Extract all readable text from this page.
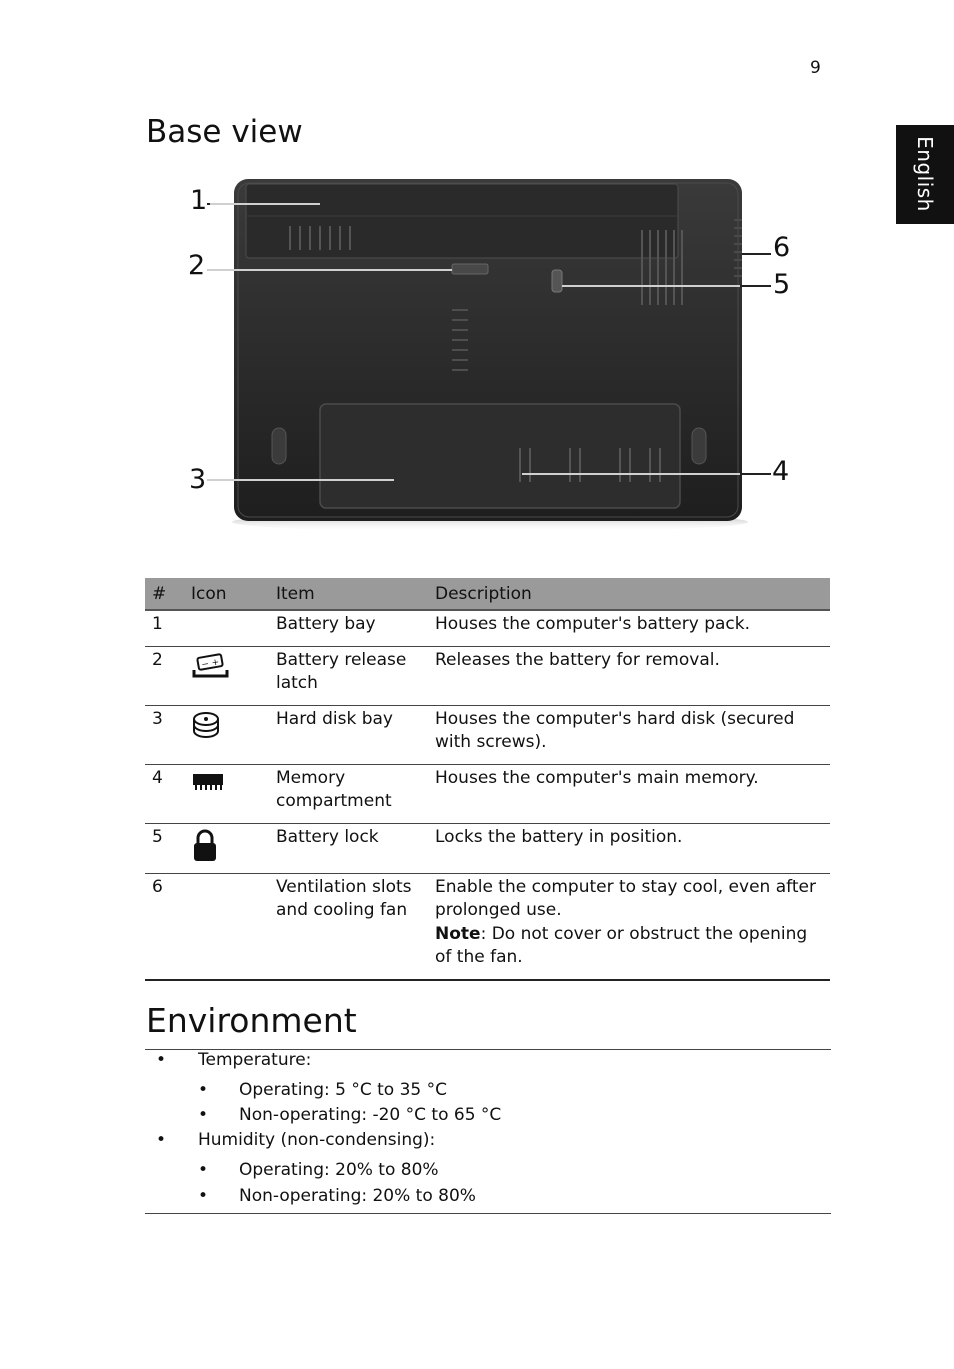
9
English
Base view
1
2
3	4
5
6
#	Icon	Item	Description
1		Battery bay	Houses the computer's battery pack.
2	− +	Battery release latch	Releases the battery for removal.
3		Hard disk bay	Houses the computer's hard disk (secured with screws).
4		Memory compartment	Houses the computer's main memory.
5		Battery lock	Locks the battery in position.
6		Ventilation slots and cooling fan	Enable the computer to stay cool, even after prolonged use.
Note: Do not cover or obstruct the opening of the fan.
Environment
• Temperature:
• Operating: 5 °C to 35 °C
• Non-operating: -20 °C to 65 °C
• Humidity (non-condensing):
• Operating: 20% to 80%
• Non-operating: 20% to 80%
